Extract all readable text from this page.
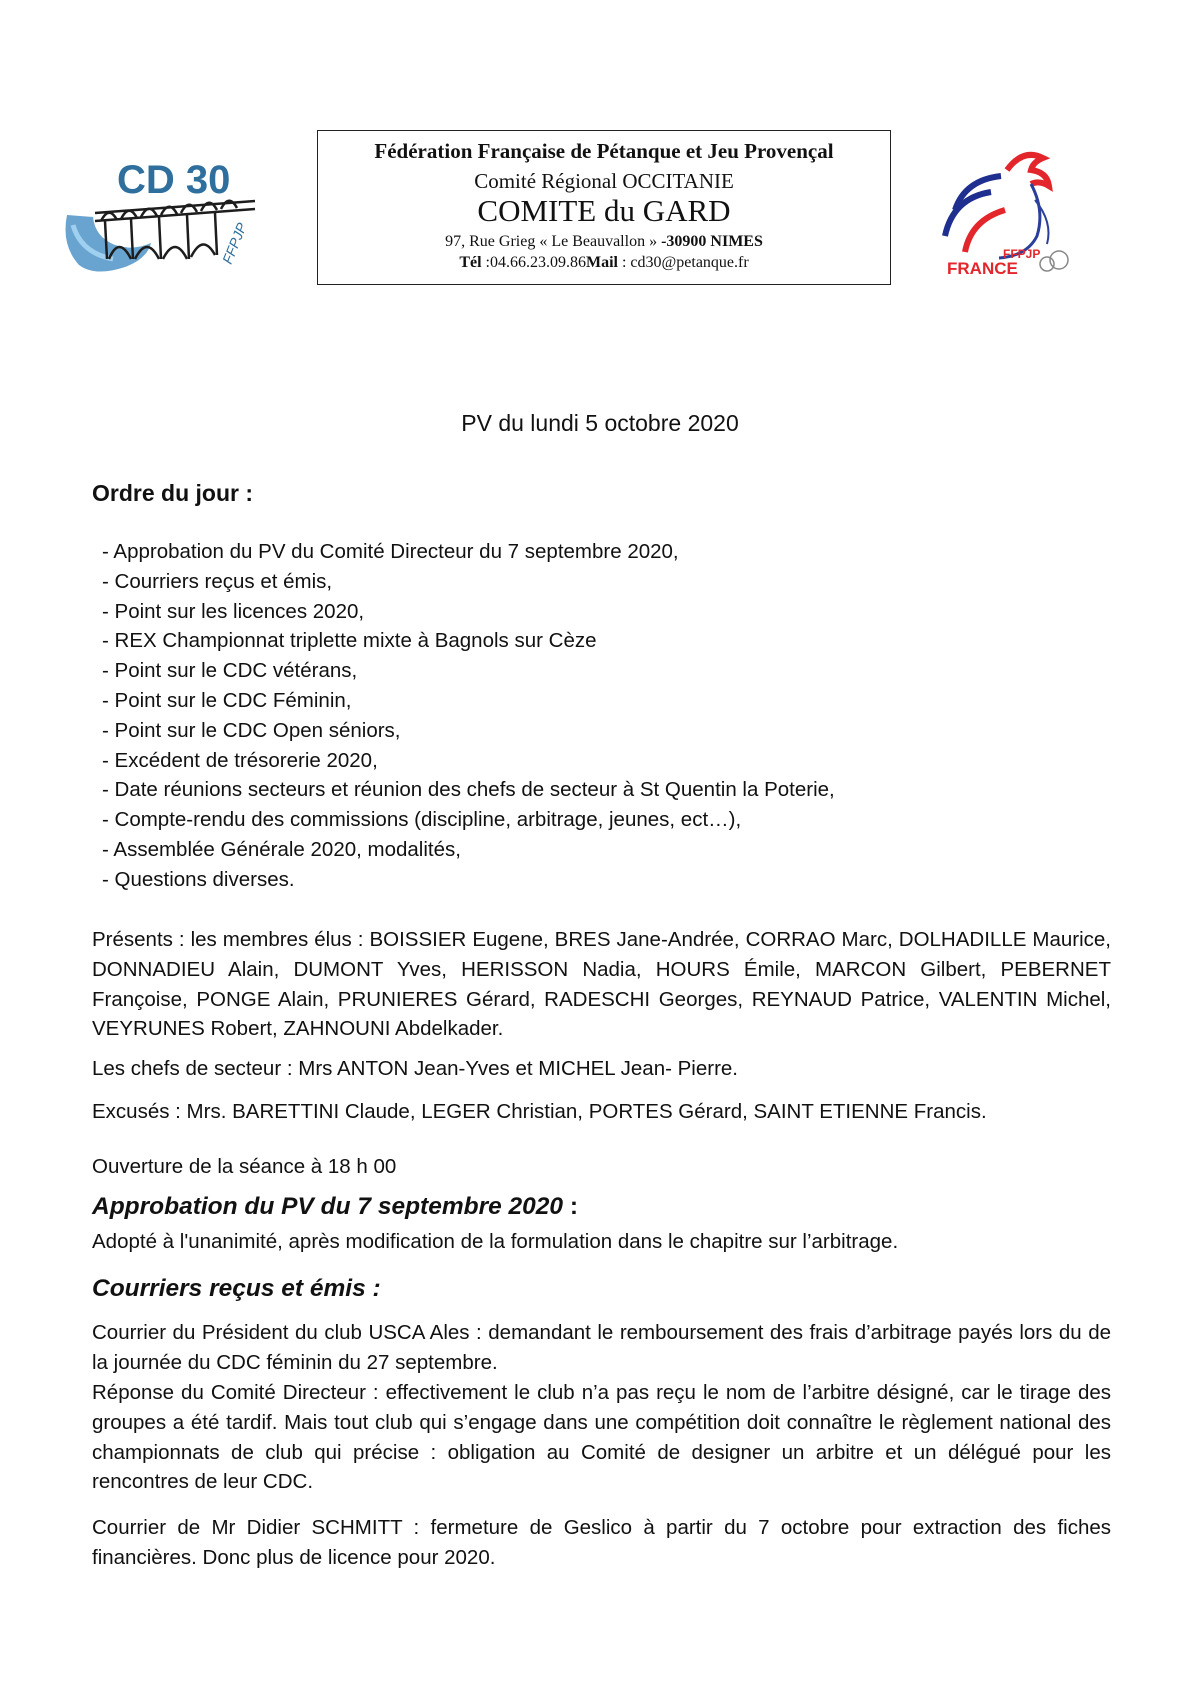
CD 30
FFPJP
Fédération Française de Pétanque et Jeu Provençal
Comité Régional OCCITANIE
COMITE du GARD
97, Rue Grieg « Le Beauvallon » -30900 NIMES
Tél :04.66.23.09.86Mail : cd30@petanque.fr	FFPJP
FRANCE
PV du lundi 5 octobre 2020
Ordre du jour :
- Approbation du PV du Comité Directeur du 7 septembre 2020,
- Courriers reçus et émis,
- Point sur les licences 2020,
- REX Championnat triplette mixte à Bagnols sur Cèze
- Point sur le CDC vétérans,
- Point sur le CDC Féminin,
- Point sur le CDC Open séniors,
- Excédent de trésorerie 2020,
- Date réunions secteurs et réunion des chefs de secteur à St Quentin la Poterie,
- Compte-rendu des commissions (discipline, arbitrage, jeunes, ect…),
- Assemblée Générale 2020, modalités,
- Questions diverses.

Présents : les membres élus : BOISSIER Eugene, BRES Jane-Andrée, CORRAO Marc, DOLHADILLE Maurice, DONNADIEU Alain, DUMONT Yves, HERISSON Nadia, HOURS Émile, MARCON Gilbert, PEBERNET Françoise, PONGE Alain, PRUNIERES Gérard, RADESCHI Georges, REYNAUD Patrice, VALENTIN Michel, VEYRUNES Robert, ZAHNOUNI Abdelkader.

Les chefs de secteur : Mrs ANTON Jean-Yves et MICHEL Jean- Pierre.

Excusés : Mrs. BARETTINI Claude, LEGER Christian, PORTES Gérard, SAINT ETIENNE Francis.

Ouverture de la séance à 18 h 00

Approbation du PV du 7 septembre 2020 :

Adopté à l'unanimité, après modification de la formulation dans le chapitre sur l’arbitrage.

Courriers reçus et émis :

Courrier du Président du club USCA Ales : demandant le remboursement des frais d’arbitrage payés lors du de la journée du CDC féminin du 27 septembre.

Réponse du Comité Directeur : effectivement le club n’a pas reçu le nom de l’arbitre désigné, car le tirage des groupes a été tardif. Mais tout club qui s’engage dans une compétition doit connaître le règlement national des championnats de club qui précise : obligation au Comité de designer un arbitre et un délégué pour les rencontres de leur CDC.

Courrier de Mr Didier SCHMITT : fermeture de Geslico à partir du 7 octobre pour extraction des fiches financières. Donc plus de licence pour 2020.
